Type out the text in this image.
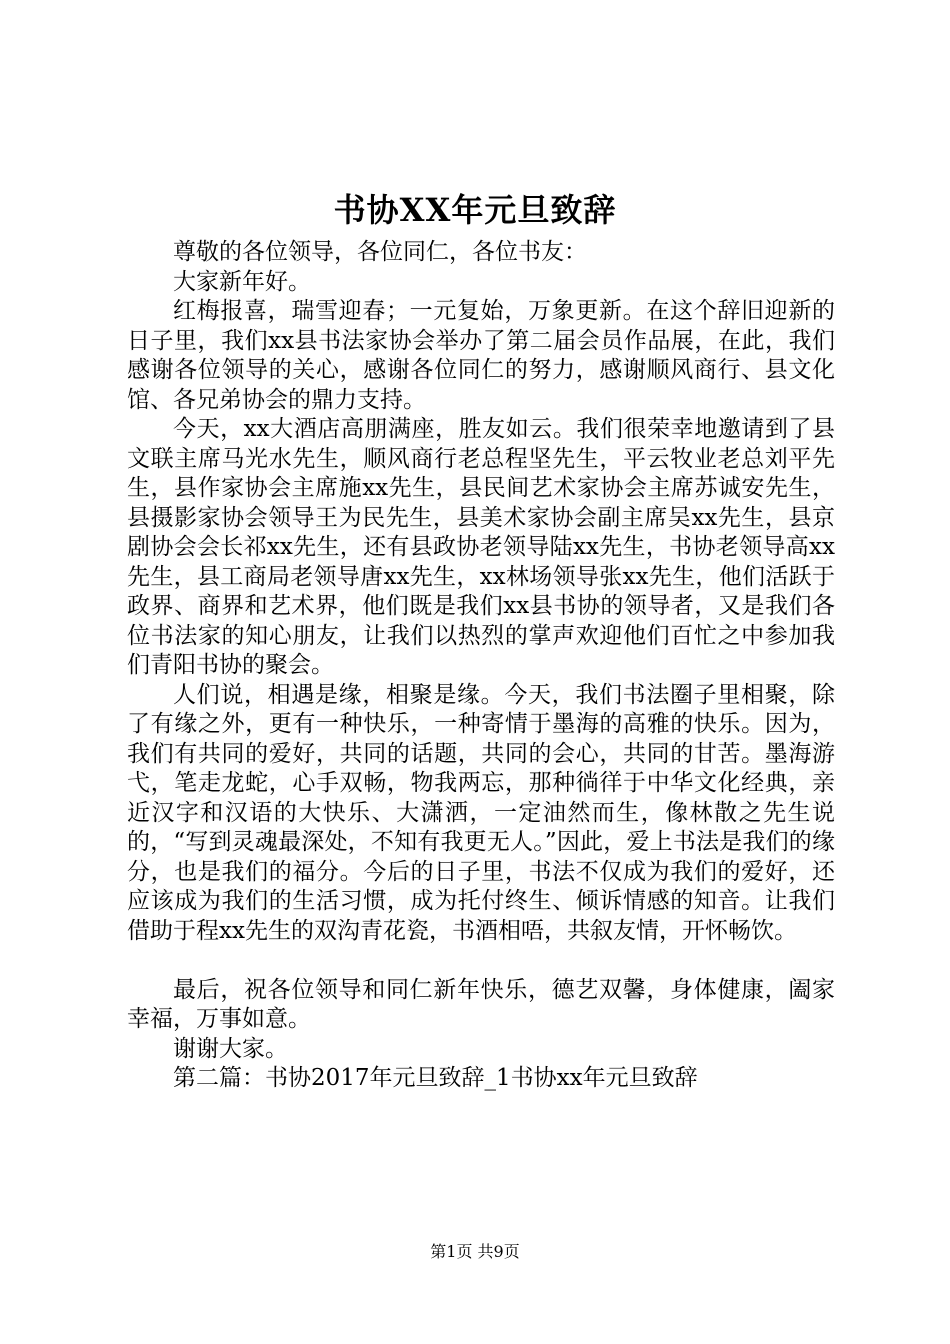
书协XX年元旦致辞

尊敬的各位领导，各位同仁，各位书友：

大家新年好。

红梅报喜，瑞雪迎春；一元复始，万象更新。在这个辞旧迎新的日子里，我们xx县书法家协会举办了第二届会员作品展，在此，我们感谢各位领导的关心，感谢各位同仁的努力，感谢顺风商行、县文化馆、各兄弟协会的鼎力支持。

今天，xx大酒店高朋满座，胜友如云。我们很荣幸地邀请到了县文联主席马光水先生，顺风商行老总程坚先生，平云牧业老总刘平先生，县作家协会主席施xx先生，县民间艺术家协会主席苏诚安先生，县摄影家协会领导王为民先生，县美术家协会副主席吴xx先生，县京剧协会会长祁xx先生，还有县政协老领导陆xx先生，书协老领导高xx先生，县工商局老领导唐xx先生，xx林场领导张xx先生，他们活跃于政界、商界和艺术界，他们既是我们xx县书协的领导者，又是我们各位书法家的知心朋友，让我们以热烈的掌声欢迎他们百忙之中参加我们青阳书协的聚会。

人们说，相遇是缘，相聚是缘。今天，我们书法圈子里相聚，除了有缘之外，更有一种快乐，一种寄情于墨海的高雅的快乐。因为，我们有共同的爱好，共同的话题，共同的会心，共同的甘苦。墨海游弋，笔走龙蛇，心手双畅，物我两忘，那种徜徉于中华文化经典，亲近汉字和汉语的大快乐、大潇洒，一定油然而生，像林散之先生说的，“写到灵魂最深处，不知有我更无人。”因此，爱上书法是我们的缘分，也是我们的福分。今后的日子里，书法不仅成为我们的爱好，还应该成为我们的生活习惯，成为托付终生、倾诉情感的知音。让我们借助于程xx先生的双沟青花瓷，书酒相唔，共叙友情，开怀畅饮。

最后，祝各位领导和同仁新年快乐，德艺双馨，身体健康，阖家幸福，万事如意。

谢谢大家。

第二篇：书协2017年元旦致辞_1书协xx年元旦致辞

第1页 共9页
